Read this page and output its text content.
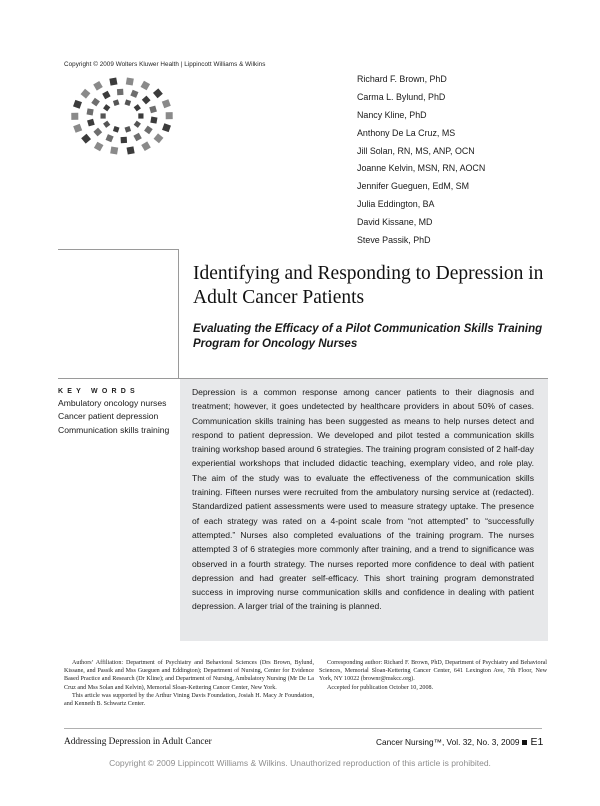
Copyright © 2009 Wolters Kluwer Health | Lippincott Williams & Wilkins
Richard F. Brown, PhD
Carma L. Bylund, PhD
Nancy Kline, PhD
Anthony De La Cruz, MS
Jill Solan, RN, MS, ANP, OCN
Joanne Kelvin, MSN, RN, AOCN
Jennifer Gueguen, EdM, SM
Julia Eddington, BA
David Kissane, MD
Steve Passik, PhD
Identifying and Responding to Depression in Adult Cancer Patients
Evaluating the Efficacy of a Pilot Communication Skills Training Program for Oncology Nurses
KEY WORDS
Ambulatory oncology nurses
Cancer patient depression
Communication skills training

Depression is a common response among cancer patients to their diagnosis and treatment; however, it goes undetected by healthcare providers in about 50% of cases. Communication skills training has been suggested as means to help nurses detect and respond to patient depression. We developed and pilot tested a communication skills training workshop based around 6 strategies. The training program consisted of 2 half-day experiential workshops that included didactic teaching, exemplary video, and role play. The aim of the study was to evaluate the effectiveness of the communication skills training. Fifteen nurses were recruited from the ambulatory nursing service at (redacted). Standardized patient assessments were used to measure strategy uptake. The presence of each strategy was rated on a 4-point scale from “not attempted” to “successfully attempted.” Nurses also completed evaluations of the training program. The nurses attempted 3 of 6 strategies more commonly after training, and a trend to significance was observed in a fourth strategy. The nurses reported more confidence to deal with patient depression and had greater self-efficacy. This short training program demonstrated success in improving nurse communication skills and confidence in dealing with patient depression. A larger trial of the training is planned.

Authors’ Affiliation: Department of Psychiatry and Behavioral Sciences (Drs Brown, Bylund, Kissane, and Passik and Mss Gueguen and Eddington); Department of Nursing, Center for Evidence Based Practice and Research (Dr Kline); and Department of Nursing, Ambulatory Nursing (Mr De La Cruz and Mss Solan and Kelvin), Memorial Sloan-Kettering Cancer Center, New York.

This article was supported by the Arthur Vining Davis Foundation, Josiah H. Macy Jr Foundation, and Kenneth B. Schwartz Center.

Corresponding author: Richard F. Brown, PhD, Department of Psychiatry and Behavioral Sciences, Memorial Sloan-Kettering Cancer Center, 641 Lexington Ave, 7th Floor, New York, NY 10022 (brownr@mskcc.org).

Accepted for publication October 10, 2008.

Addressing Depression in Adult Cancer	Cancer Nursing™, Vol. 32, No. 3, 2009 E1
Copyright © 2009 Lippincott Williams & Wilkins. Unauthorized reproduction of this article is prohibited.
